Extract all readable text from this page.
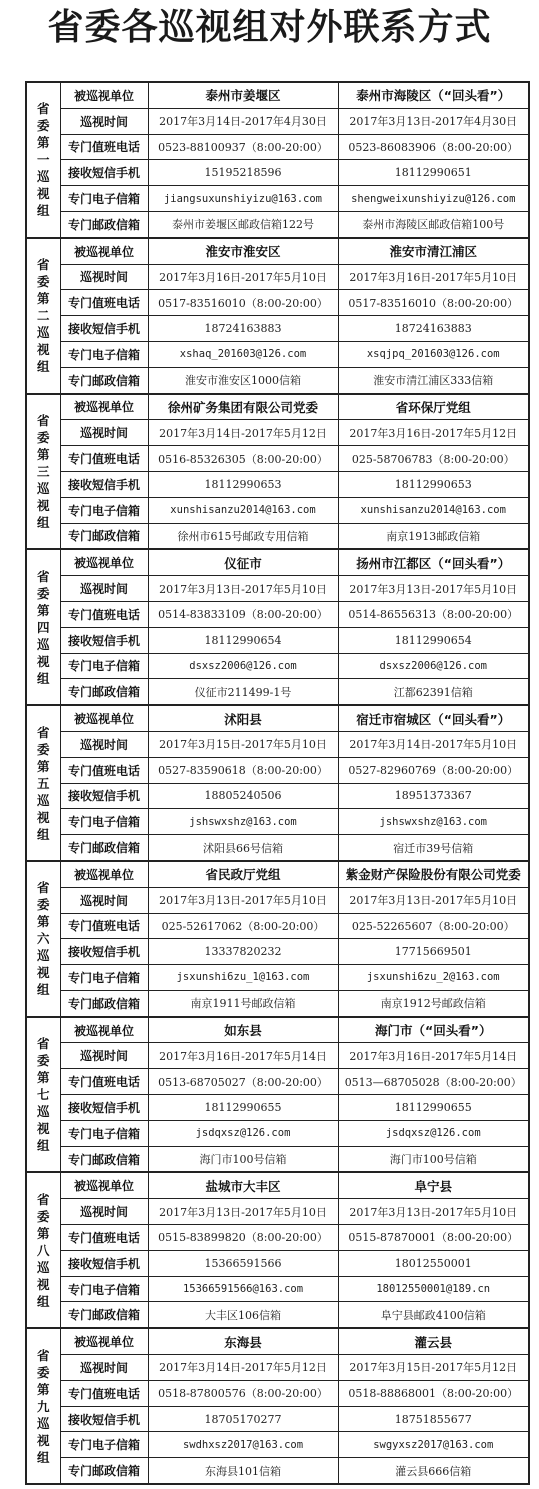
省委各巡视组对外联系方式
省委第一巡视组	被巡视单位	泰州市姜堰区	泰州市海陵区（“回头看”）
	巡视时间	2017年3月14日-2017年4月30日	2017年3月13日-2017年4月30日
	专门值班电话	0523-88100937（8:00-20:00）	0523-86083906（8:00-20:00）
	接收短信手机	15195218596	18112990651
	专门电子信箱	jiangsuxunshiyizu@163.com	shengweixunshiyizu@126.com
	专门邮政信箱	泰州市姜堰区邮政信箱122号	泰州市海陵区邮政信箱100号

省委第二巡视组	被巡视单位	淮安市淮安区	淮安市清江浦区
	巡视时间	2017年3月16日-2017年5月10日	2017年3月16日-2017年5月10日
	专门值班电话	0517-83516010（8:00-20:00）	0517-83516010（8:00-20:00）
	接收短信手机	18724163883	18724163883
	专门电子信箱	xshaq_201603@126.com	xsqjpq_201603@126.com
	专门邮政信箱	淮安市淮安区1000信箱	淮安市清江浦区333信箱

省委第三巡视组	被巡视单位	徐州矿务集团有限公司党委	省环保厅党组
	巡视时间	2017年3月14日-2017年5月12日	2017年3月16日-2017年5月12日
	专门值班电话	0516-85326305（8:00-20:00）	025-58706783（8:00-20:00）
	接收短信手机	18112990653	18112990653
	专门电子信箱	xunshisanzu2014@163.com	xunshisanzu2014@163.com
	专门邮政信箱	徐州市615号邮政专用信箱	南京1913邮政信箱

省委第四巡视组	被巡视单位	仪征市	扬州市江都区（“回头看”）
	巡视时间	2017年3月13日-2017年5月10日	2017年3月13日-2017年5月10日
	专门值班电话	0514-83833109（8:00-20:00）	0514-86556313（8:00-20:00）
	接收短信手机	18112990654	18112990654
	专门电子信箱	dsxsz2006@126.com	dsxsz2006@126.com
	专门邮政信箱	仪征市211499-1号	江都62391信箱

省委第五巡视组	被巡视单位	沭阳县	宿迁市宿城区（“回头看”）
	巡视时间	2017年3月15日-2017年5月10日	2017年3月14日-2017年5月10日
	专门值班电话	0527-83590618（8:00-20:00）	0527-82960769（8:00-20:00）
	接收短信手机	18805240506	18951373367
	专门电子信箱	jshswxshz@163.com	jshswxshz@163.com
	专门邮政信箱	沭阳县66号信箱	宿迁市39号信箱

省委第六巡视组	被巡视单位	省民政厅党组	紫金财产保险股份有限公司党委
	巡视时间	2017年3月13日-2017年5月10日	2017年3月13日-2017年5月10日
	专门值班电话	025-52617062（8:00-20:00）	025-52265607（8:00-20:00）
	接收短信手机	13337820232	17715669501
	专门电子信箱	jsxunshi6zu_1@163.com	jsxunshi6zu_2@163.com
	专门邮政信箱	南京1911号邮政信箱	南京1912号邮政信箱

省委第七巡视组	被巡视单位	如东县	海门市（“回头看”）
	巡视时间	2017年3月16日-2017年5月14日	2017年3月16日-2017年5月14日
	专门值班电话	0513-68705027（8:00-20:00）	0513—68705028（8:00-20:00）
	接收短信手机	18112990655	18112990655
	专门电子信箱	jsdqxsz@126.com	jsdqxsz@126.com
	专门邮政信箱	海门市100号信箱	海门市100号信箱

省委第八巡视组	被巡视单位	盐城市大丰区	阜宁县
	巡视时间	2017年3月13日-2017年5月10日	2017年3月13日-2017年5月10日
	专门值班电话	0515-83899820（8:00-20:00）	0515-87870001（8:00-20:00）
	接收短信手机	15366591566	18012550001
	专门电子信箱	15366591566@163.com	18012550001@189.cn
	专门邮政信箱	大丰区106信箱	阜宁县邮政4100信箱

省委第九巡视组	被巡视单位	东海县	灌云县
	巡视时间	2017年3月14日-2017年5月12日	2017年3月15日-2017年5月12日
	专门值班电话	0518-87800576（8:00-20:00）	0518-88868001（8:00-20:00）
	接收短信手机	18705170277	18751855677
	专门电子信箱	swdhxsz2017@163.com	swgyxsz2017@163.com
	专门邮政信箱	东海县101信箱	灌云县666信箱
